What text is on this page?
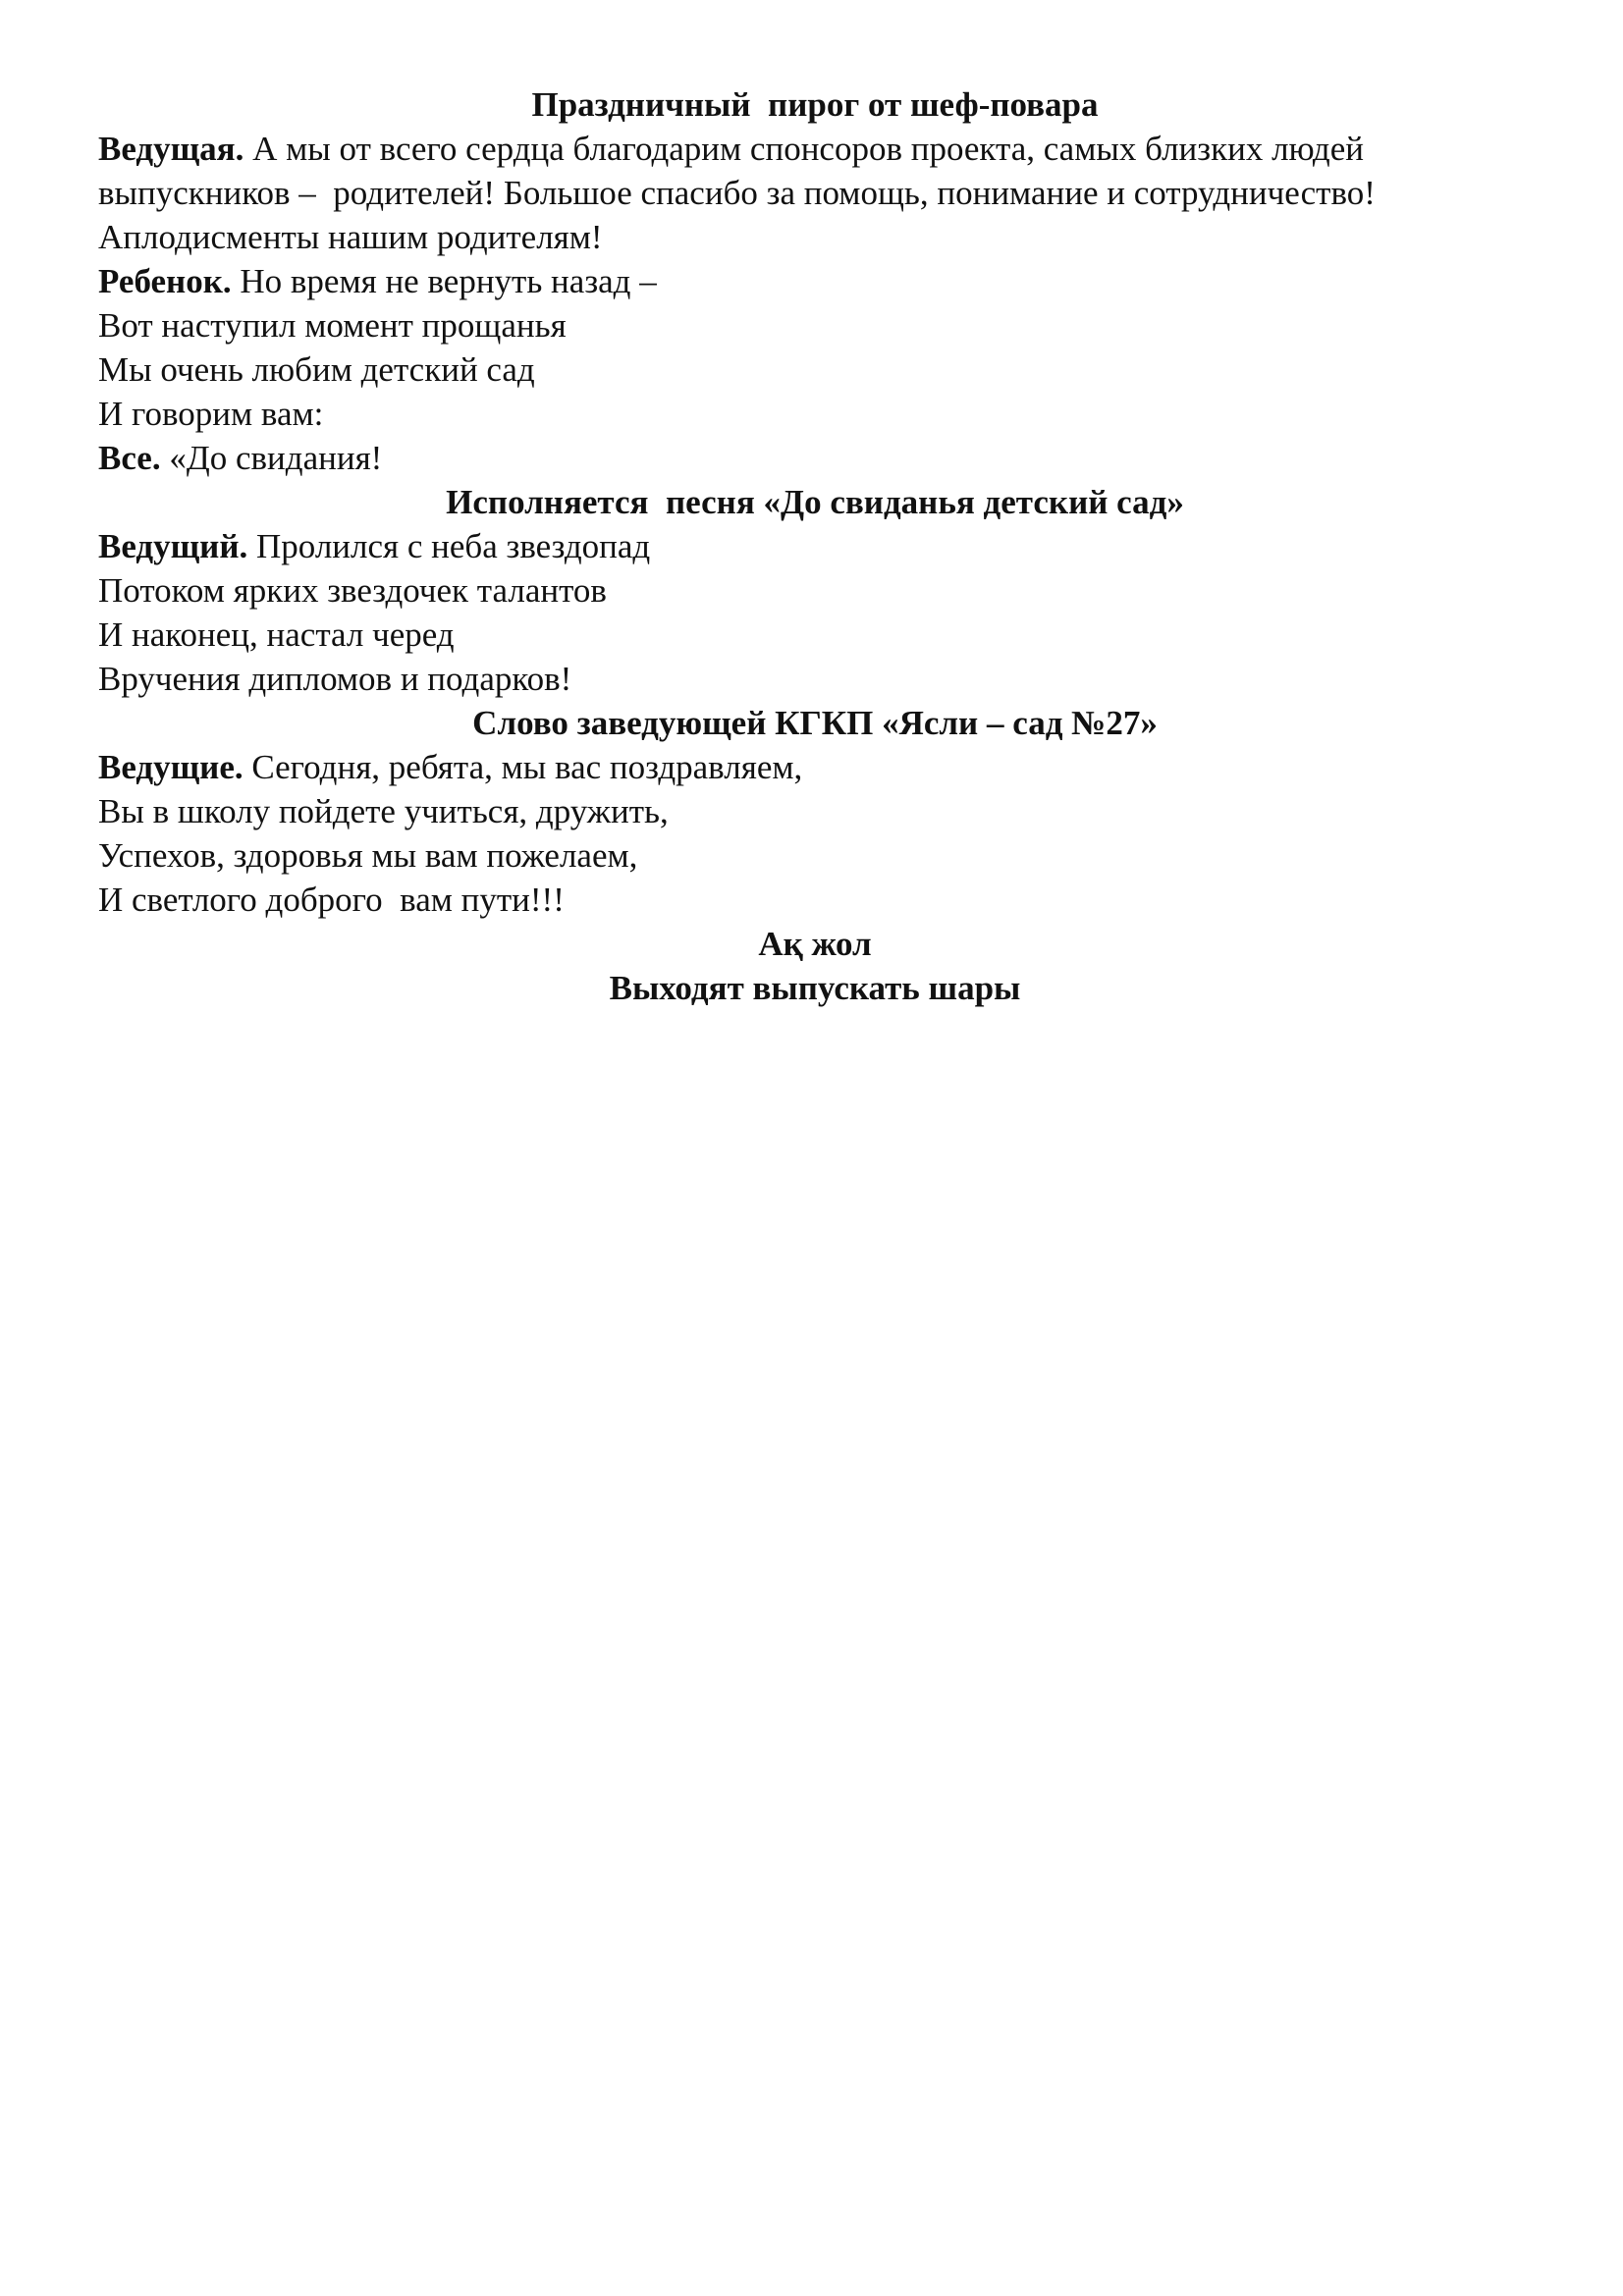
Праздничный  пирог от шеф-повара
Ведущая. А мы от всего сердца благодарим спонсоров проекта, самых близких людей
выпускников –  родителей! Большое спасибо за помощь, понимание и сотрудничество!
Аплодисменты нашим родителям!
Ребенок. Но время не вернуть назад –
Вот наступил момент прощанья
Мы очень любим детский сад
И говорим вам:
Все. «До свидания!
Исполняется  песня «До свиданья детский сад»
Ведущий. Пролился с неба звездопад
Потоком ярких звездочек талантов
И наконец, настал черед
Вручения дипломов и подарков!
Слово заведующей КГКП «Ясли – сад №27»
Ведущие. Сегодня, ребята, мы вас поздравляем,
Вы в школу пойдете учиться, дружить,
Успехов, здоровья мы вам пожелаем,
И светлого доброго  вам пути!!!
Ақ жол
Выходят выпускать шары
